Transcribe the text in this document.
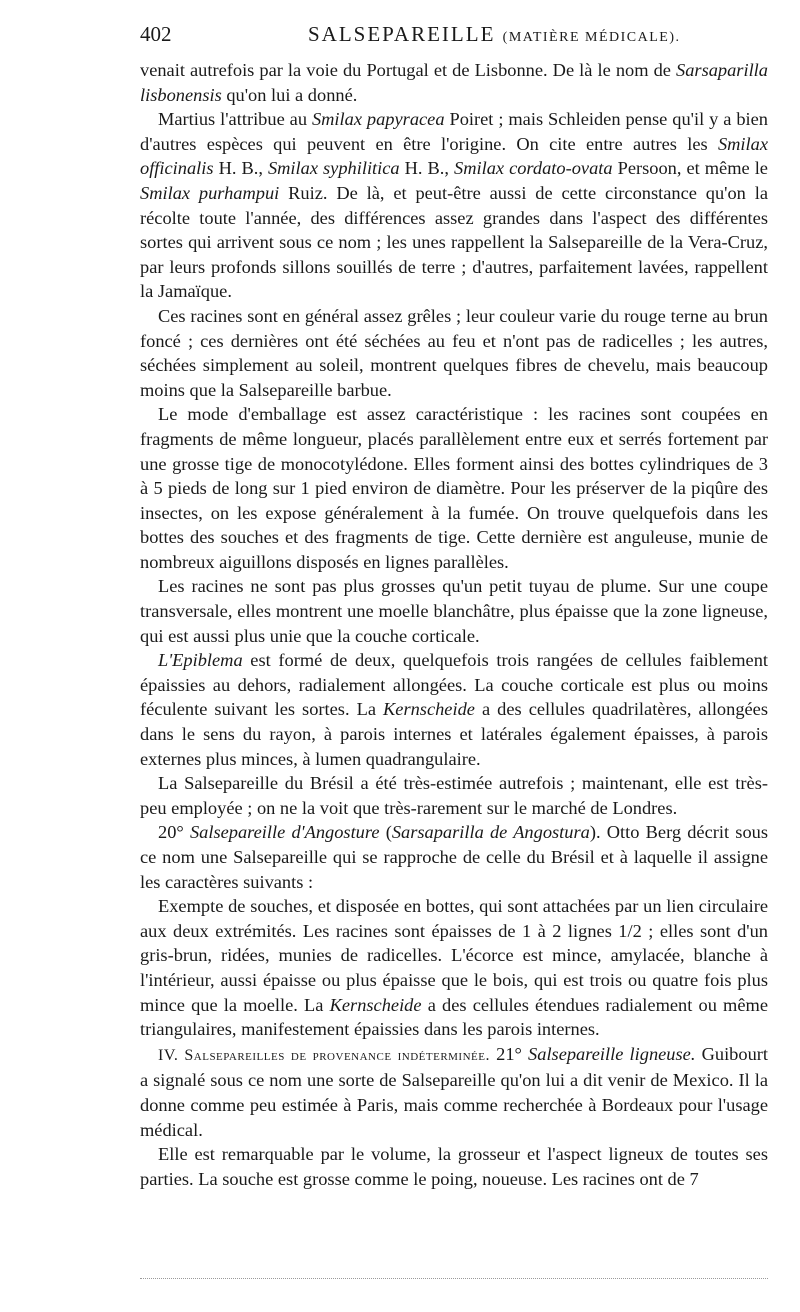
402	SALSEPAREILLE (MATIÈRE MÉDICALE).

venait autrefois par la voie du Portugal et de Lisbonne. De là le nom de Sarsaparilla lisbonensis qu'on lui a donné.

Martius l'attribue au Smilax papyracea Poiret ; mais Schleiden pense qu'il y a bien d'autres espèces qui peuvent en être l'origine. On cite entre autres les Smilax officinalis H. B., Smilax syphilitica H. B., Smilax cordato-ovata Persoon, et même le Smilax purhampui Ruiz. De là, et peut-être aussi de cette circonstance qu'on la récolte toute l'année, des différences assez grandes dans l'aspect des différentes sortes qui arrivent sous ce nom ; les unes rappellent la Salsepareille de la Vera-Cruz, par leurs profonds sillons souillés de terre ; d'autres, parfaitement lavées, rappellent la Jamaïque.

Ces racines sont en général assez grêles ; leur couleur varie du rouge terne au brun foncé ; ces dernières ont été séchées au feu et n'ont pas de radicelles ; les autres, séchées simplement au soleil, montrent quelques fibres de chevelu, mais beaucoup moins que la Salsepareille barbue.

Le mode d'emballage est assez caractéristique : les racines sont coupées en fragments de même longueur, placés parallèlement entre eux et serrés fortement par une grosse tige de monocotylédone. Elles forment ainsi des bottes cylindriques de 3 à 5 pieds de long sur 1 pied environ de diamètre. Pour les préserver de la piqûre des insectes, on les expose généralement à la fumée. On trouve quelquefois dans les bottes des souches et des fragments de tige. Cette dernière est anguleuse, munie de nombreux aiguillons disposés en lignes parallèles.

Les racines ne sont pas plus grosses qu'un petit tuyau de plume. Sur une coupe transversale, elles montrent une moelle blanchâtre, plus épaisse que la zone ligneuse, qui est aussi plus unie que la couche corticale.

L'Epiblema est formé de deux, quelquefois trois rangées de cellules faiblement épaissies au dehors, radialement allongées. La couche corticale est plus ou moins féculente suivant les sortes. La Kernscheide a des cellules quadrilatères, allongées dans le sens du rayon, à parois internes et latérales également épaisses, à parois externes plus minces, à lumen quadrangulaire.

La Salsepareille du Brésil a été très-estimée autrefois ; maintenant, elle est très-peu employée ; on ne la voit que très-rarement sur le marché de Londres.

20° Salsepareille d'Angosture (Sarsaparilla de Angostura). Otto Berg décrit sous ce nom une Salsepareille qui se rapproche de celle du Brésil et à laquelle il assigne les caractères suivants :

Exempte de souches, et disposée en bottes, qui sont attachées par un lien circulaire aux deux extrémités. Les racines sont épaisses de 1 à 2 lignes 1/2 ; elles sont d'un gris-brun, ridées, munies de radicelles. L'écorce est mince, amylacée, blanche à l'intérieur, aussi épaisse ou plus épaisse que le bois, qui est trois ou quatre fois plus mince que la moelle. La Kernscheide a des cellules étendues radialement ou même triangulaires, manifestement épaissies dans les parois internes.

IV. Salsepareilles de provenance indéterminée. 21° Salsepareille ligneuse. Guibourt a signalé sous ce nom une sorte de Salsepareille qu'on lui a dit venir de Mexico. Il la donne comme peu estimée à Paris, mais comme recherchée à Bordeaux pour l'usage médical.

Elle est remarquable par le volume, la grosseur et l'aspect ligneux de toutes ses parties. La souche est grosse comme le poing, noueuse. Les racines ont de 7
